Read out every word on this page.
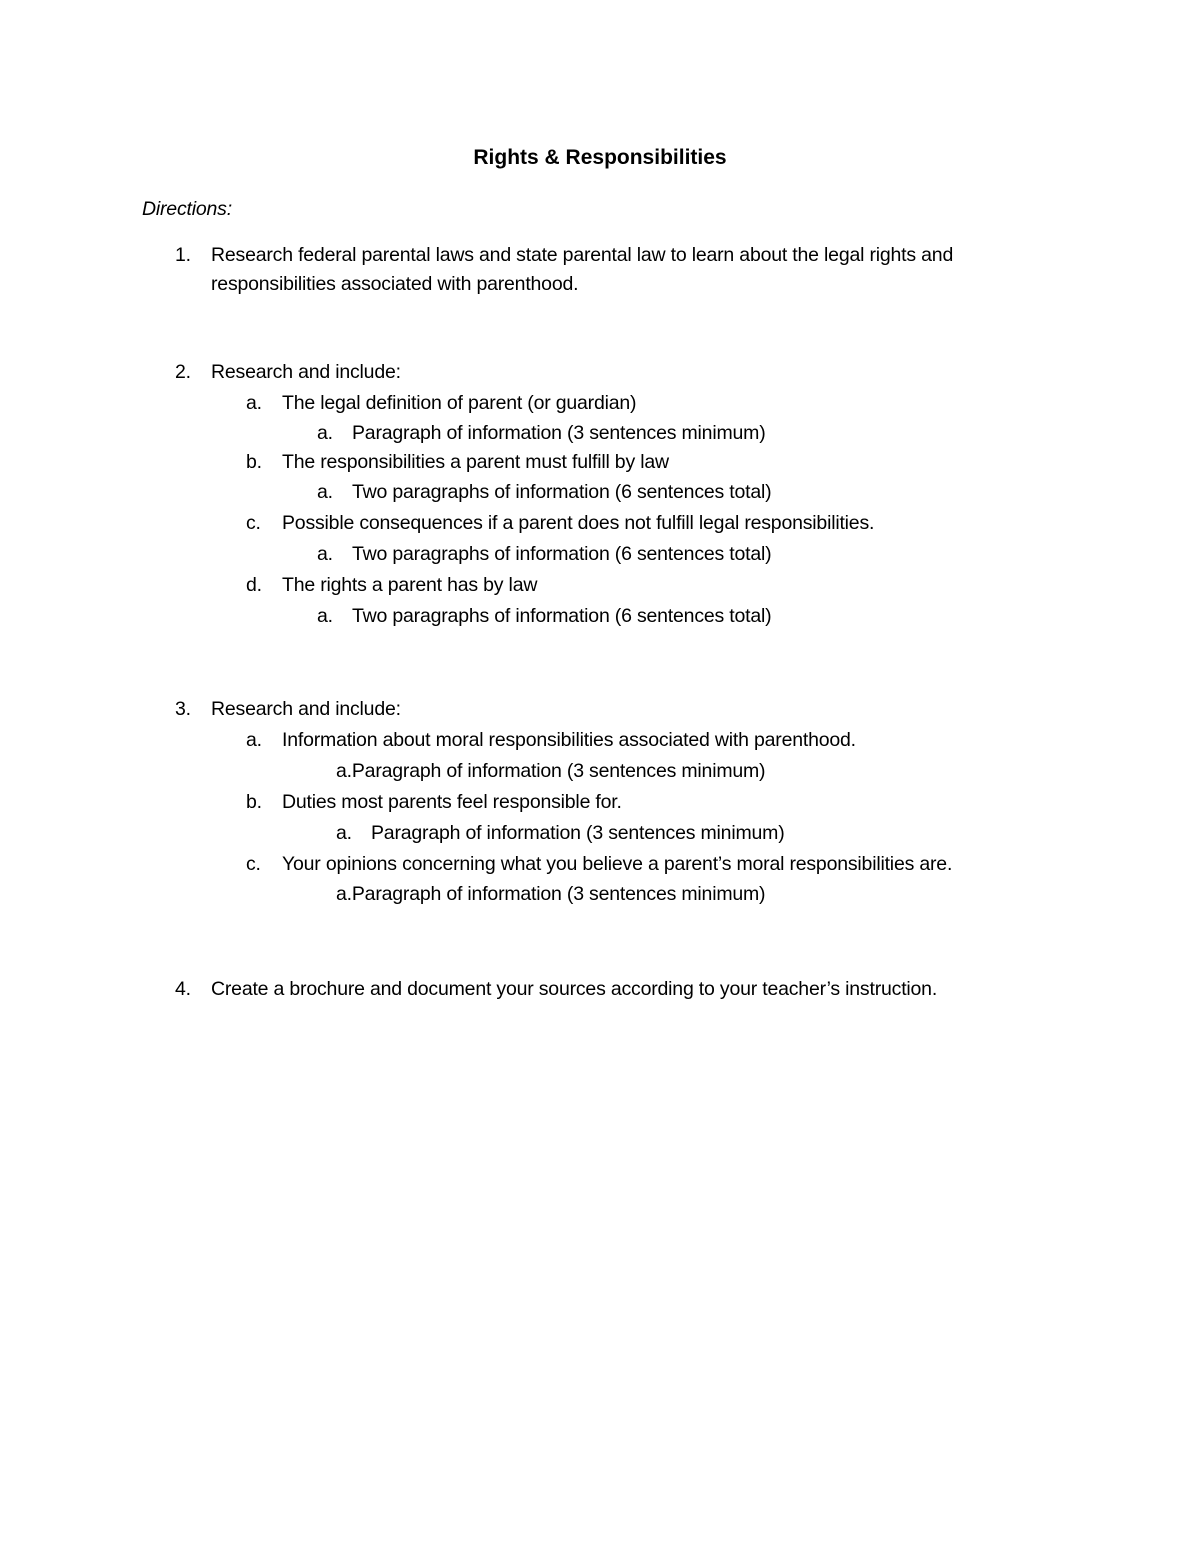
Rights & Responsibilities
Directions:
1. Research federal parental laws and state parental law to learn about the legal rights and
responsibilities associated with parenthood.
2. Research and include:
a. The legal definition of parent (or guardian)
a. Paragraph of information (3 sentences minimum)
b. The responsibilities a parent must fulfill by law
a. Two paragraphs of information (6 sentences total)
c. Possible consequences if a parent does not fulfill legal responsibilities.
a. Two paragraphs of information (6 sentences total)
d. The rights a parent has by law
a. Two paragraphs of information (6 sentences total)
3. Research and include:
a. Information about moral responsibilities associated with parenthood.
a.Paragraph of information (3 sentences minimum)
b. Duties most parents feel responsible for.
a. Paragraph of information (3 sentences minimum)
c. Your opinions concerning what you believe a parent’s moral responsibilities are.
a.Paragraph of information (3 sentences minimum)
4. Create a brochure and document your sources according to your teacher’s instruction.
